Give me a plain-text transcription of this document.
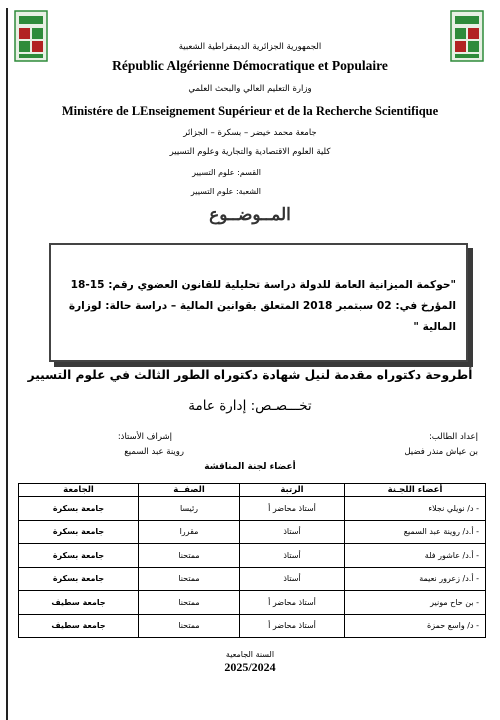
الجمهورية الجزائرية الديمقراطية الشعبية
Républic Algérienne Démocratique et Populaire
وزارة التعليم العالي والبحث العلمي
Ministére de LEnseignement Supérieur et de la Recherche Scientifique
جامعة محمد خيضر – بسكرة – الجزائر
كلية العلوم الاقتصادية والتجارية وعلوم التسيير
القسم: علوم التسيير
الشعبة: علوم التسيير
المــوضــوع
"حوكمة الميزانية العامة للدولة دراسة تحليلية للقانون العضوي رقم: 15-18 المؤرخ في: 02 سبتمبر 2018 المتعلق بقوانين المالية – دراسة حالة: لوزارة المالية "
أطروحة دكتوراه مقدمة لنيل شهادة دكتوراه الطور الثالث في علوم التسيير
تخـــصـص: إدارة عامة
إعداد الطالب:
بن عياش منذر فضيل
إشراف الأستاذ:
روينة عبد السميع
أعضاء لجنة المناقشة
أعضاء اللجـنة	الرتبة	الصفــة	الجامعة
- د/ نويلي نجلاء	أستاذ محاضر أ	رئيسا	جامعة بسكرة
- أ.د/ روينة عبد السميع	أستاذ	مقررا	جامعة بسكرة
- أ.د/ عاشور فلة	أستاذ	ممتحنا	جامعة بسكرة
- أ.د/ زعرور نعيمة	أستاذ	ممتحنا	جامعة بسكرة
- بن حاح مونير	أستاذ محاضر أ	ممتحنا	جامعة سطيف
- د/ واسع حمزة	أستاذ محاضر أ	ممتحنا	جامعة سطيف
السنة الجامعية
2025/2024
